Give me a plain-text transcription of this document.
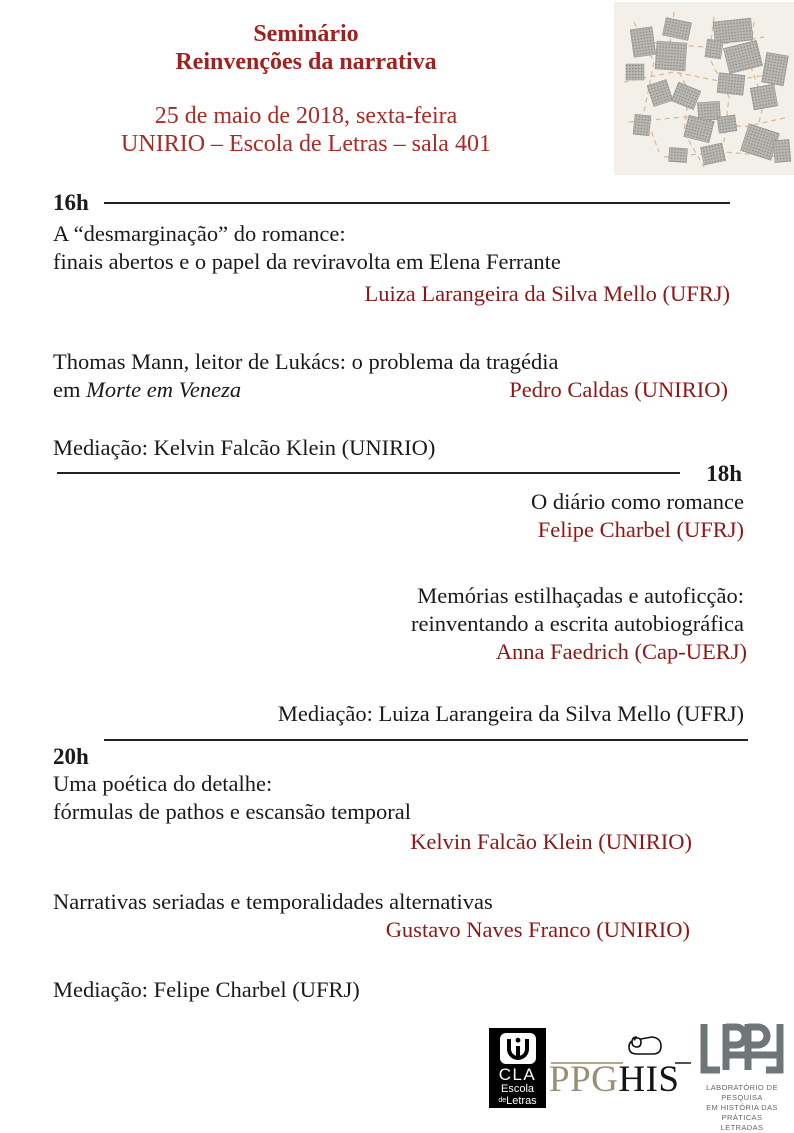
Seminário
Reinvenções da narrativa
25 de maio de 2018, sexta-feira
UNIRIO – Escola de Letras – sala 401
16h
A “desmarginação” do romance:
finais abertos e o papel da reviravolta em Elena Ferrante
Luiza Larangeira da Silva Mello (UFRJ)
Thomas Mann, leitor de Lukács: o problema da tragédia
em Morte em Veneza	Pedro Caldas (UNIRIO)
Mediação: Kelvin Falcão Klein (UNIRIO)
18h
O diário como romance
Felipe Charbel (UFRJ)
Memórias estilhaçadas e autoficção:
reinventando a escrita autobiográfica
Anna Faedrich (Cap-UERJ)
Mediação: Luiza Larangeira da Silva Mello (UFRJ)
20h
Uma poética do detalhe:
fórmulas de pathos e escansão temporal
Kelvin Falcão Klein (UNIRIO)
Narrativas seriadas e temporalidades alternativas
Gustavo Naves Franco (UNIRIO)
Mediação: Felipe Charbel (UFRJ)
CLA
Escola
deLetras
PPGHIS	LABORATÓRIO DE PESQUISA
EM HISTÓRIA DAS PRÁTICAS
LETRADAS
